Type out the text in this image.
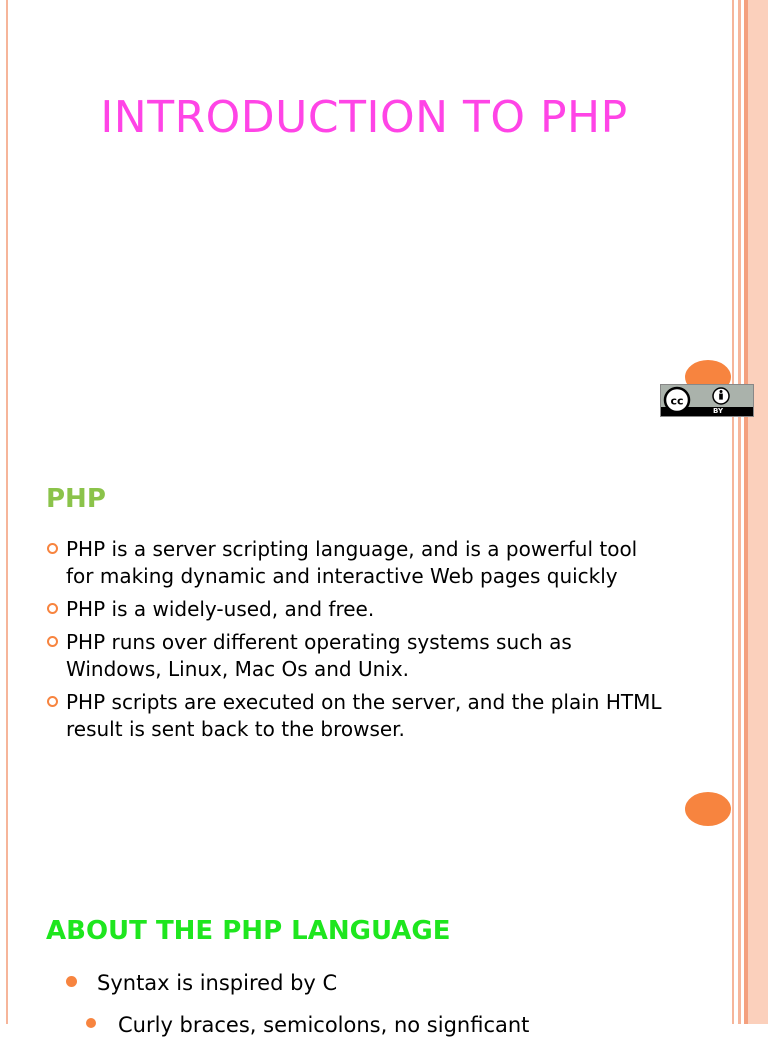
INTRODUCTION TO PHP
cc
BY
PHP
PHP is a server scripting language, and is a powerful tool for making dynamic and interactive Web pages quickly
PHP is a widely-used, and free.
PHP runs over different operating systems such as Windows, Linux, Mac Os and Unix.
PHP scripts are executed on the server, and the plain HTML result is sent back to the browser.
ABOUT THE PHP LANGUAGE
Syntax is inspired by C
Curly braces, semicolons, no signficant
